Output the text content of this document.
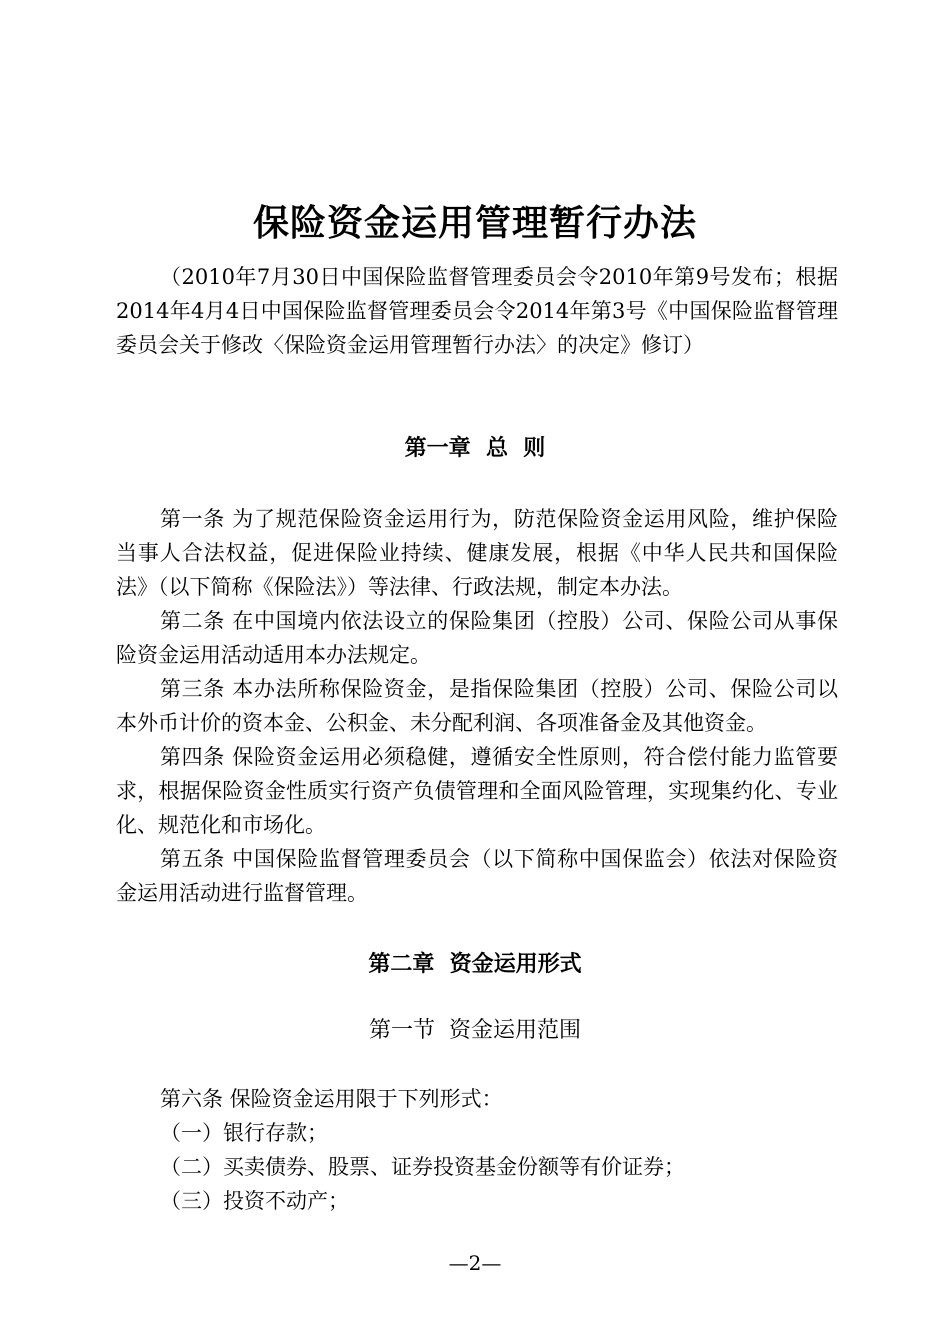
保险资金运用管理暂行办法
（2010年7月30日中国保险监督管理委员会令2010年第9号发布；根据2014年4月4日中国保险监督管理委员会令2014年第3号《中国保险监督管理委员会关于修改〈保险资金运用管理暂行办法〉的决定》修订）
第一章  总  则

第一条 为了规范保险资金运用行为，防范保险资金运用风险，维护保险当事人合法权益，促进保险业持续、健康发展，根据《中华人民共和国保险法》（以下简称《保险法》）等法律、行政法规，制定本办法。

第二条 在中国境内依法设立的保险集团（控股）公司、保险公司从事保险资金运用活动适用本办法规定。

第三条 本办法所称保险资金，是指保险集团（控股）公司、保险公司以本外币计价的资本金、公积金、未分配利润、各项准备金及其他资金。

第四条 保险资金运用必须稳健，遵循安全性原则，符合偿付能力监管要求，根据保险资金性质实行资产负债管理和全面风险管理，实现集约化、专业化、规范化和市场化。

第五条 中国保险监督管理委员会（以下简称中国保监会）依法对保险资金运用活动进行监督管理。

第二章  资金运用形式
第一节  资金运用范围

第六条 保险资金运用限于下列形式：

（一）银行存款；

（二）买卖债券、股票、证券投资基金份额等有价证券；

（三）投资不动产；

—2—
